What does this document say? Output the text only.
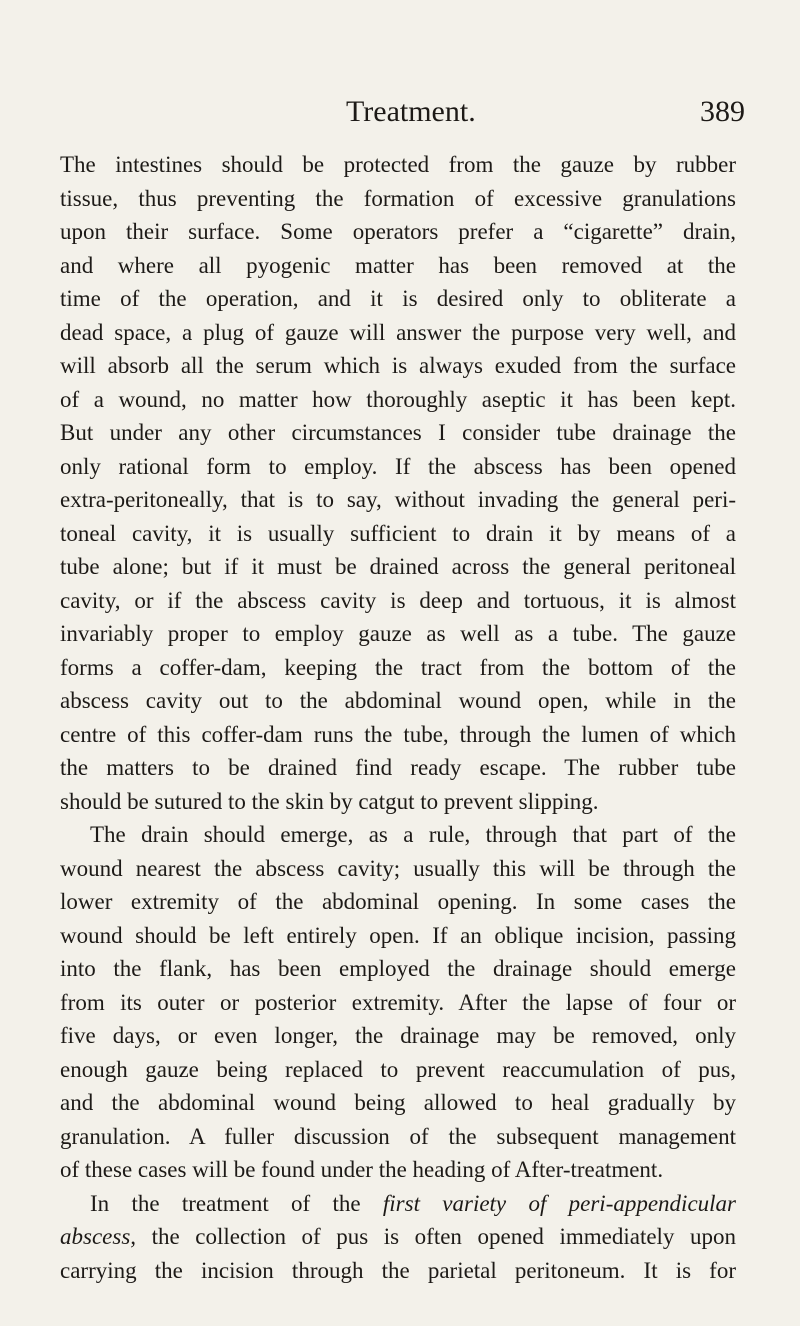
Treatment.	389
The intestines should be protected from the gauze by rubber
tissue, thus preventing the formation of excessive granulations
upon their surface. Some operators prefer a “cigarette” drain,
and where all pyogenic matter has been removed at the
time of the operation, and it is desired only to obliterate a
dead space, a plug of gauze will answer the purpose very well, and
will absorb all the serum which is always exuded from the surface
of a wound, no matter how thoroughly aseptic it has been kept.
But under any other circumstances I consider tube drainage the
only rational form to employ. If the abscess has been opened
extra-peritoneally, that is to say, without invading the general peri-
toneal cavity, it is usually sufficient to drain it by means of a
tube alone; but if it must be drained across the general peritoneal
cavity, or if the abscess cavity is deep and tortuous, it is almost
invariably proper to employ gauze as well as a tube. The gauze
forms a coffer-dam, keeping the tract from the bottom of the
abscess cavity out to the abdominal wound open, while in the
centre of this coffer-dam runs the tube, through the lumen of which
the matters to be drained find ready escape. The rubber tube
should be sutured to the skin by catgut to prevent slipping.
The drain should emerge, as a rule, through that part of the
wound nearest the abscess cavity; usually this will be through the
lower extremity of the abdominal opening. In some cases the
wound should be left entirely open. If an oblique incision, passing
into the flank, has been employed the drainage should emerge
from its outer or posterior extremity. After the lapse of four or
five days, or even longer, the drainage may be removed, only
enough gauze being replaced to prevent reaccumulation of pus,
and the abdominal wound being allowed to heal gradually by
granulation. A fuller discussion of the subsequent management
of these cases will be found under the heading of After-treatment.
In the treatment of the first variety of peri-appendicular
abscess, the collection of pus is often opened immediately upon
carrying the incision through the parietal peritoneum. It is for
